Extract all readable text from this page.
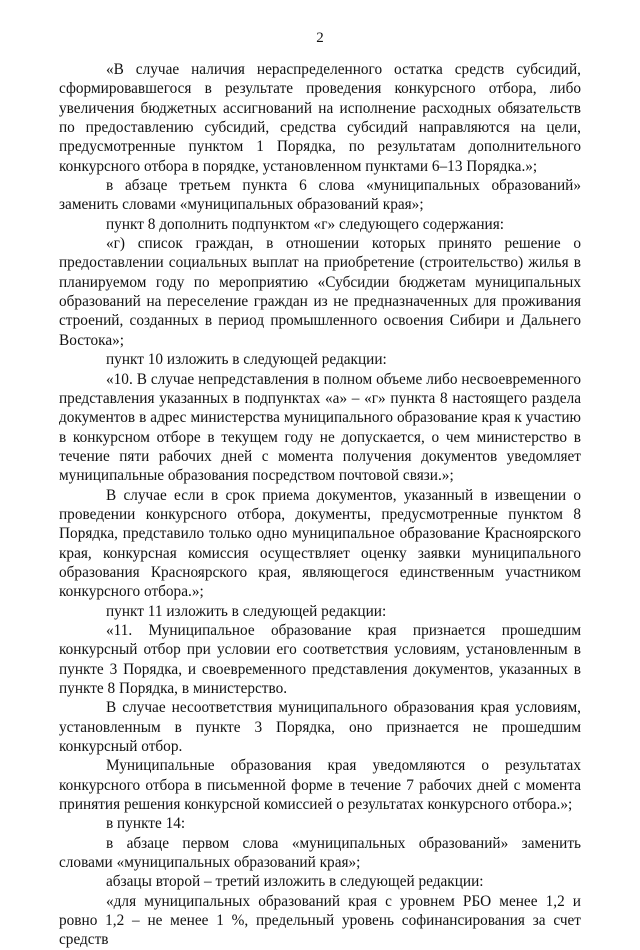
2

«В случае наличия нераспределенного остатка средств субсидий, сформировавшегося в результате проведения конкурсного отбора, либо увеличения бюджетных ассигнований на исполнение расходных обязательств по предоставлению субсидий, средства субсидий направляются на цели, предусмотренные пунктом 1 Порядка, по результатам дополнительного конкурсного отбора в порядке, установленном пунктами 6–13 Порядка.»;

в абзаце третьем пункта 6 слова «муниципальных образований» заменить словами «муниципальных образований края»;

пункт 8 дополнить подпунктом «г» следующего содержания:

«г) список граждан, в отношении которых принято решение о предоставлении социальных выплат на приобретение (строительство) жилья в планируемом году по мероприятию «Субсидии бюджетам муниципальных образований на переселение граждан из не предназначенных для проживания строений, созданных в период промышленного освоения Сибири и Дальнего Востока»;

пункт 10 изложить в следующей редакции:

«10. В случае непредставления в полном объеме либо несвоевременного представления указанных в подпунктах «а» – «г» пункта 8 настоящего раздела документов в адрес министерства муниципального образование края к участию в конкурсном отборе в текущем году не допускается, о чем министерство в течение пяти рабочих дней с момента получения документов уведомляет муниципальные образования посредством почтовой связи.»;

В случае если в срок приема документов, указанный в извещении о проведении конкурсного отбора, документы, предусмотренные пунктом 8 Порядка, представило только одно муниципальное образование Красноярского края, конкурсная комиссия осуществляет оценку заявки муниципального образования Красноярского края, являющегося единственным участником конкурсного отбора.»;

пункт 11 изложить в следующей редакции:

«11. Муниципальное образование края признается прошедшим конкурсный отбор при условии его соответствия условиям, установленным в пункте 3 Порядка, и своевременного представления документов, указанных в пункте 8 Порядка, в министерство.

В случае несоответствия муниципального образования края условиям, установленным в пункте 3 Порядка, оно признается не прошедшим конкурсный отбор.

Муниципальные образования края уведомляются о результатах конкурсного отбора в письменной форме в течение 7 рабочих дней с момента принятия решения конкурсной комиссией о результатах конкурсного отбора.»;

в пункте 14:

в абзаце первом слова «муниципальных образований» заменить словами «муниципальных образований края»;

абзацы второй – третий изложить в следующей редакции:

«для муниципальных образований края с уровнем РБО менее 1,2 и ровно 1,2 – не менее 1 %, предельный уровень софинансирования за счет средств
